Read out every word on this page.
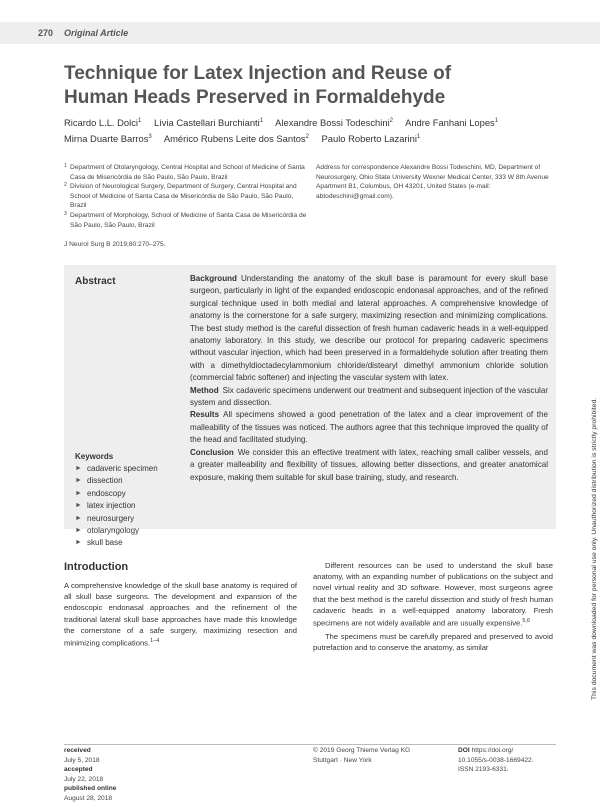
270 Original Article
Technique for Latex Injection and Reuse of
Human Heads Preserved in Formaldehyde
Ricardo L.L. Dolci$^1$ Lívia Castellari Burchianti$^1$ Alexandre Bossi Todeschini$^2$ Andre Fanhani Lopes$^1$
Mirna Duarte Barros$^3$ Américo Rubens Leite dos Santos$^2$ Paulo Roberto Lazarini$^1$
1 Department of Otolaryngology, Central Hospital and School of Medicine of Santa Casa de Misericórdia de São Paulo, São Paulo, Brazil
2 Division of Neurological Surgery, Department of Surgery, Central Hospital and School of Medicine of Santa Casa de Misericórdia de São Paulo, São Paulo, Brazil
3 Department of Morphology, School of Medicine of Santa Casa de Misericórdia de São Paulo, São Paulo, Brazil
J Neurol Surg B 2019;80:270–275.
Address for correspondence Alexandre Bossi Todeschini, MD, Department of Neurosurgery, Ohio State University Wexner Medical Center, 333 W 8th Avenue Apartment B1, Columbus, OH 43201, United States (e-mail: abtodeschini@gmail.com).
Abstract	Background Understanding the anatomy of the skull base is paramount for every skull base surgeon, particularly in light of the expanded endoscopic endonasal approaches, and of the refined surgical technique used in both medial and lateral approaches. A comprehensive knowledge of anatomy is the cornerstone for a safe surgery, maximizing resection and minimizing complications. The best study method is the careful dissection of fresh human cadaveric heads in a well-equipped anatomy laboratory. In this study, we describe our protocol for preparing cadaveric specimens without vascular injection, which had been preserved in a formaldehyde solution after treating them with a dimethyldioctadecylammonium chloride/distearyl dimethyl ammonium chloride solution (commercial fabric softener) and injecting the vascular system with latex.
Method Six cadaveric specimens underwent our treatment and subsequent injection of the vascular system and dissection.
Results All specimens showed a good penetration of the latex and a clear improvement of the malleability of the tissues was noticed. The authors agree that this technique improved the quality of the head and facilitated studying.
Conclusion We consider this an effective treatment with latex, reaching small caliber vessels, and a greater malleability and flexibility of tissues, allowing better dissections, and greater anatomical exposure, making them suitable for skull base training, study, and research.
Keywords
► cadaveric specimen
► dissection
► endoscopy
► latex injection
► neurosurgery
► otolaryngology
► skull base
Introduction

A comprehensive knowledge of the skull base anatomy is required of all skull base surgeons. The development and expansion of the endoscopic endonasal approaches and the refinement of the traditional lateral skull base approaches have made this knowledge the cornerstone of a safe surgery, maximizing resection and minimizing complications.$^{1-4}$

Different resources can be used to understand the skull base anatomy, with an expanding number of publications on the subject and novel virtual reality and 3D software. However, most surgeons agree that the best method is the careful dissection and study of fresh human cadaveric heads in a well-equipped anatomy laboratory. Fresh specimens are not widely available and are usually expensive.$^{5,6}$

The specimens must be carefully prepared and preserved to avoid putrefaction and to conserve the anatomy, as similar

received
July 5, 2018
accepted
July 22, 2018
published online
August 28, 2018
© 2019 Georg Thieme Verlag KG
Stuttgart · New York
DOI https://doi.org/
10.1055/s-0038-1669422.
ISSN 2193-6331.
This document was downloaded for personal use only. Unauthorized distribution is strictly prohibited.
